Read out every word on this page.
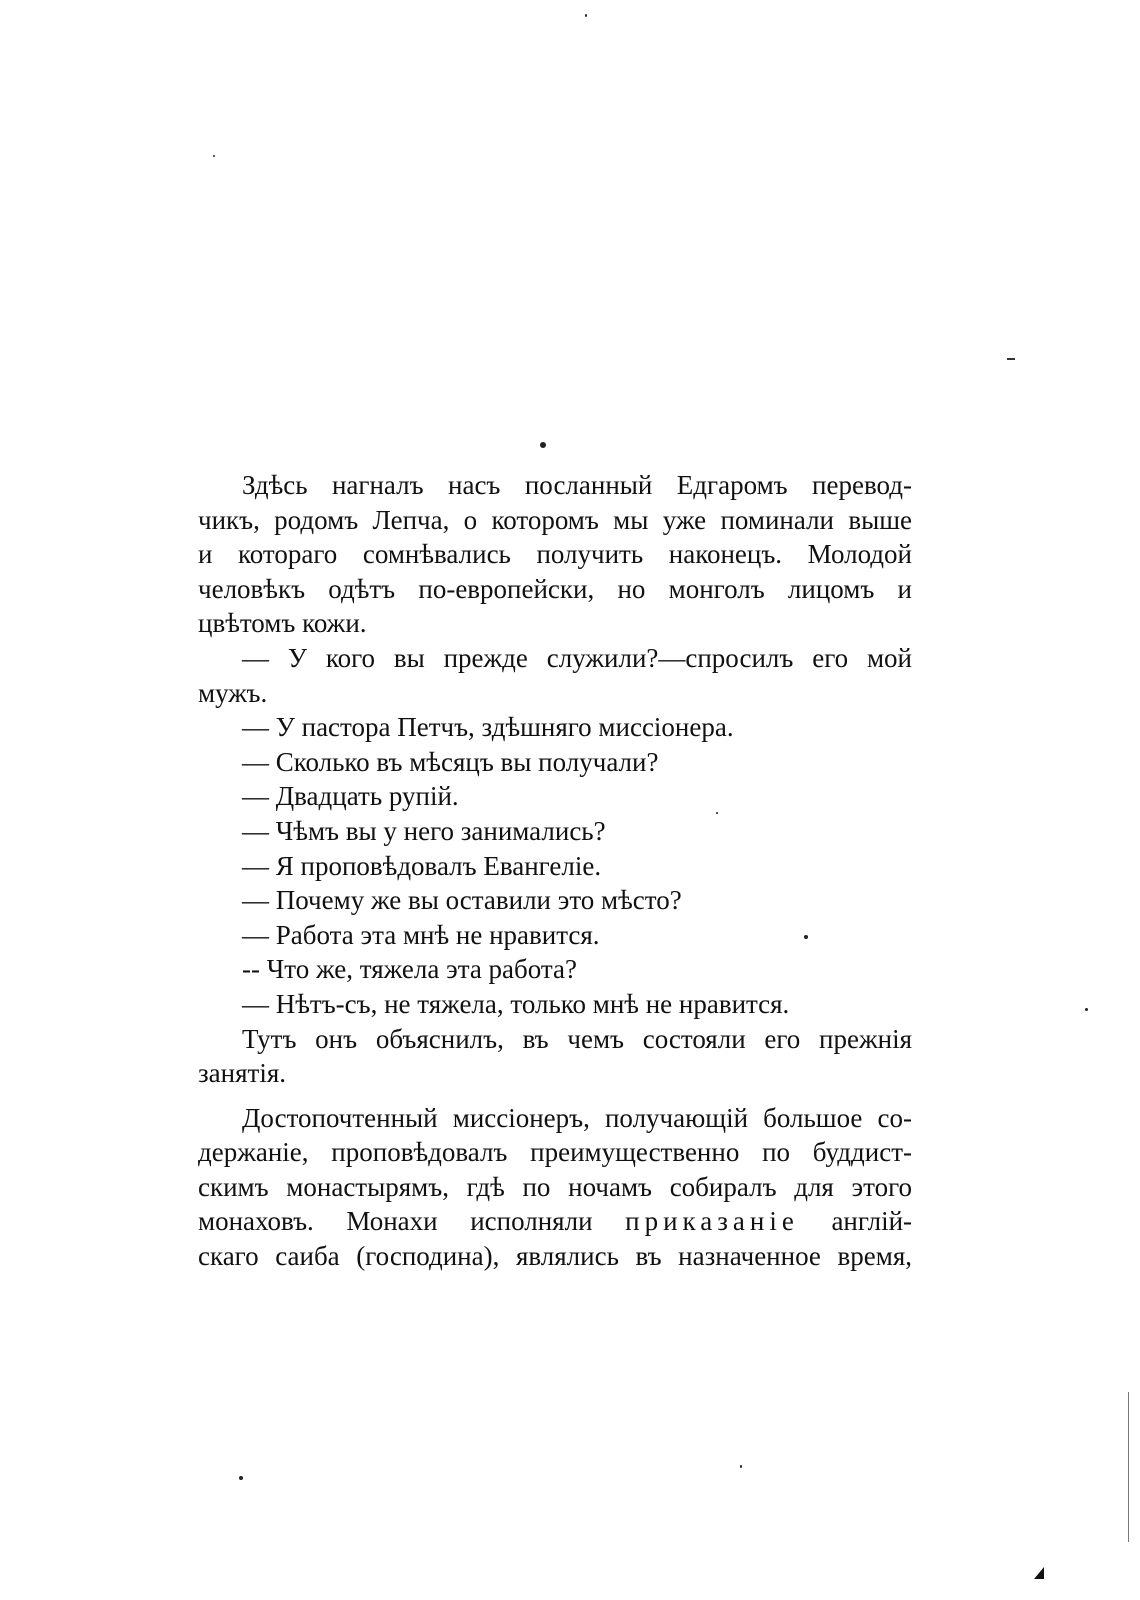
Здѣсь нагналъ насъ посланный Едгаромъ перевод-
чикъ, родомъ Лепча, о которомъ мы уже поминали выше
и котораго сомнѣвались получить наконецъ. Молодой
человѣкъ одѣтъ по-европейски, но монголъ лицомъ и
цвѣтомъ кожи.
— У кого вы прежде служили?—спросилъ его мой
мужъ.
— У пастора Петчъ, здѣшняго миссіонера.
— Сколько въ мѣсяцъ вы получали?
— Двадцать рупій.
— Чѣмъ вы у него занимались?
— Я проповѣдовалъ Евангеліе.
— Почему же вы оставили это мѣсто?
— Работа эта мнѣ не нравится.
-- Что же, тяжела эта работа?
— Нѣтъ-съ, не тяжела, только мнѣ не нравится.
Тутъ онъ объяснилъ, въ чемъ состояли его прежнія
занятія.
Достопочтенный миссіонеръ, получающій большое со-
держаніе, проповѣдовалъ преимущественно по буддист-
скимъ монастырямъ, гдѣ по ночамъ собиралъ для этого
монаховъ. Монахи исполняли приказаніе англій-
скаго саиба (господина), являлись въ назначенное время,
